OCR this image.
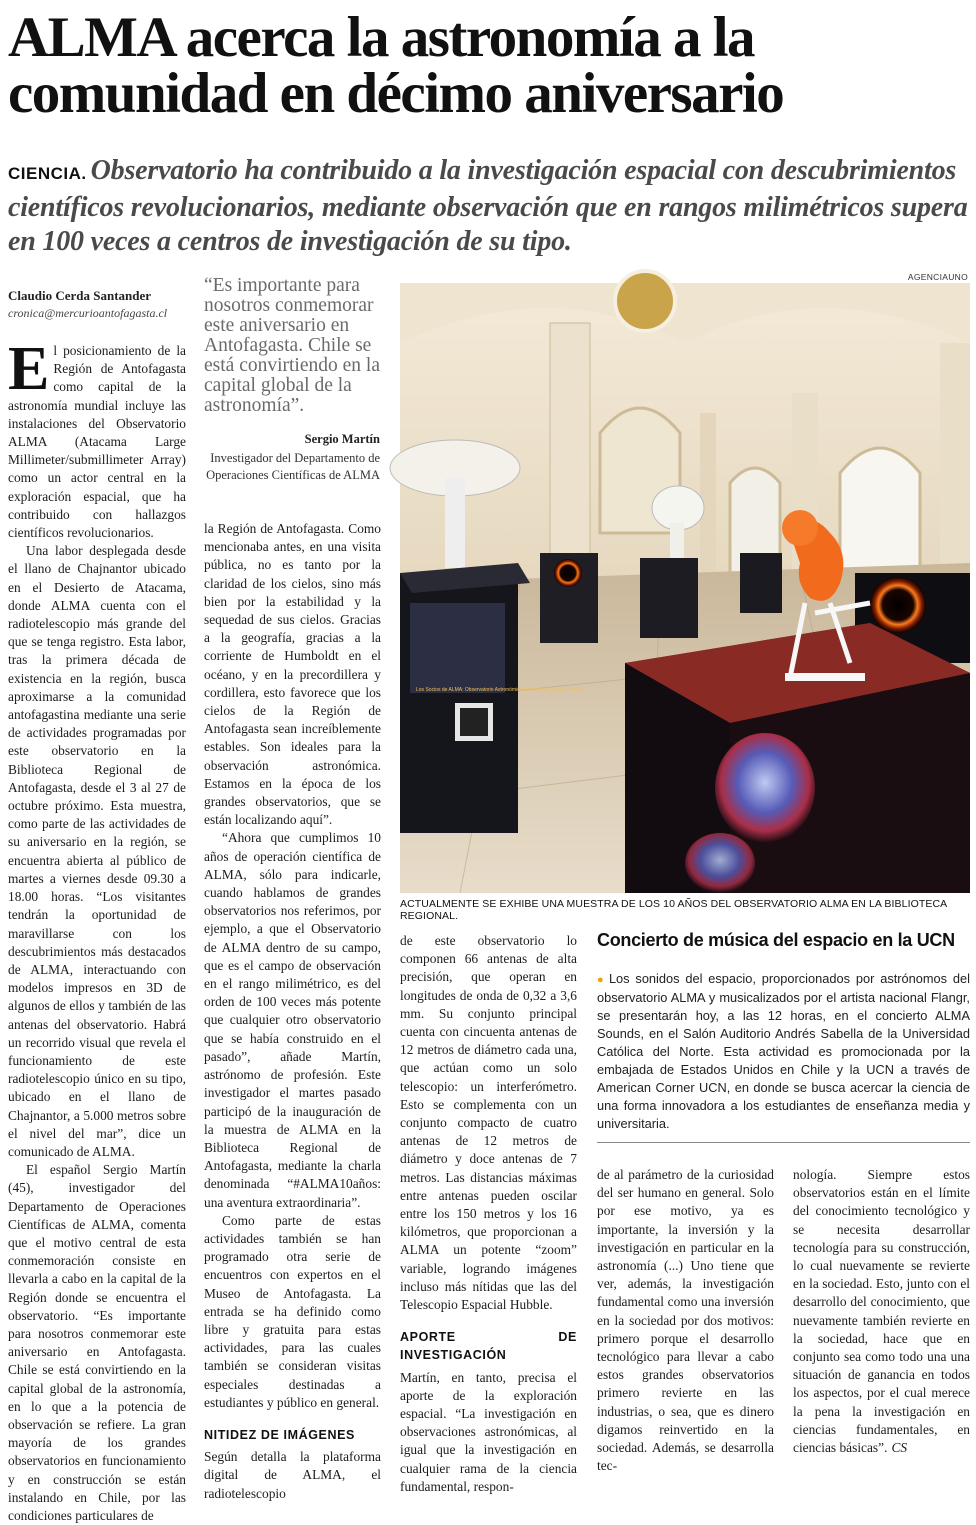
ALMA acerca la astronomía a la comunidad en décimo aniversario
CIENCIA. Observatorio ha contribuido a la investigación espacial con descubrimientos científicos revolucionarios, mediante observación que en rangos milimétricos supera en 100 veces a centros de investigación de su tipo.
Claudio Cerda Santander
cronica@mercurioantofagasta.cl

El posicionamiento de la Región de Antofagasta como capital de la astronomía mundial incluye las instalaciones del Observatorio ALMA (Atacama Large Millimeter/submillimeter Array) como un actor central en la exploración espacial, que ha contribuido con hallazgos científicos revolucionarios.

Una labor desplegada desde el llano de Chajnantor ubicado en el Desierto de Atacama, donde ALMA cuenta con el radiotelescopio más grande del que se tenga registro. Esta labor, tras la primera década de existencia en la región, busca aproximarse a la comunidad antofagastina mediante una serie de actividades programadas por este observatorio en la Biblioteca Regional de Antofagasta, desde el 3 al 27 de octubre próximo. Esta muestra, como parte de las actividades de su aniversario en la región, se encuentra abierta al público de martes a viernes desde 09.30 a 18.00 horas. “Los visitantes tendrán la oportunidad de maravillarse con los descubrimientos más destacados de ALMA, interactuando con modelos impresos en 3D de algunos de ellos y también de las antenas del observatorio. Habrá un recorrido visual que revela el funcionamiento de este radiotelescopio único en su tipo, ubicado en el llano de Chajnantor, a 5.000 metros sobre el nivel del mar”, dice un comunicado de ALMA.

El español Sergio Martín (45), investigador del Departamento de Operaciones Científicas de ALMA, comenta que el motivo central de esta conmemoración consiste en llevarla a cabo en la capital de la Región donde se encuentra el observatorio. “Es importante para nosotros conmemorar este aniversario en Antofagasta. Chile se está convirtiendo en la capital global de la astronomía, en lo que a la potencia de observación se refiere. La gran mayoría de los grandes observatorios en funcionamiento y en construcción se están instalando en Chile, por las condiciones particulares de

“Es importante para nosotros conmemorar este aniversario en Antofagasta. Chile se está convirtiendo en la capital global de la astronomía”.
Sergio Martín
Investigador del Departamento de Operaciones Científicas de ALMA

la Región de Antofagasta. Como mencionaba antes, en una visita pública, no es tanto por la claridad de los cielos, sino más bien por la estabilidad y la sequedad de sus cielos. Gracias a la geografía, gracias a la corriente de Humboldt en el océano, y en la precordillera y cordillera, esto favorece que los cielos de la Región de Antofagasta sean increíblemente estables. Son ideales para la observación astronómica. Estamos en la época de los grandes observatorios, que se están localizando aquí”.

“Ahora que cumplimos 10 años de operación científica de ALMA, sólo para indicarle, cuando hablamos de grandes observatorios nos referimos, por ejemplo, a que el Observatorio de ALMA dentro de su campo, que es el campo de observación en el rango milimétrico, es del orden de 100 veces más potente que cualquier otro observatorio que se había construido en el pasado”, añade Martín, astrónomo de profesión. Este investigador el martes pasado participó de la inauguración de la muestra de ALMA en la Biblioteca Regional de Antofagasta, mediante la charla denominada “#ALMA10años: una aventura extraordinaria”.

Como parte de estas actividades también se han programado otra serie de encuentros con expertos en el Museo de Antofagasta. La entrada se ha definido como libre y gratuita para estas actividades, para las cuales también se consideran visitas especiales destinadas a estudiantes y público en general.

NITIDEZ DE IMÁGENES

Según detalla la plataforma digital de ALMA, el radiotelescopio

AGENCIAUNO
Los Socios de ALMA: Observatorio Astronómico Nacional de Japón (NAOJ)
ACTUALMENTE SE EXHIBE UNA MUESTRA DE LOS 10 AÑOS DEL OBSERVATORIO ALMA EN LA BIBLIOTECA REGIONAL.
Concierto de música del espacio en la UCN
● Los sonidos del espacio, proporcionados por astrónomos del observatorio ALMA y musicalizados por el artista nacional Flangr, se presentarán hoy, a las 12 horas, en el concierto ALMA Sounds, en el Salón Auditorio Andrés Sabella de la Universidad Católica del Norte. Esta actividad es promocionada por la embajada de Estados Unidos en Chile y la UCN a través de American Corner UCN, en donde se busca acercar la ciencia de una forma innovadora a los estudiantes de enseñanza media y universitaria.

de este observatorio lo componen 66 antenas de alta precisión, que operan en longitudes de onda de 0,32 a 3,6 mm. Su conjunto principal cuenta con cincuenta antenas de 12 metros de diámetro cada una, que actúan como un solo telescopio: un interferómetro. Esto se complementa con un conjunto compacto de cuatro antenas de 12 metros de diámetro y doce antenas de 7 metros. Las distancias máximas entre antenas pueden oscilar entre los 150 metros y los 16 kilómetros, que proporcionan a ALMA un potente “zoom” variable, logrando imágenes incluso más nítidas que las del Telescopio Espacial Hubble.

APORTE DE INVESTIGACIÓN

Martín, en tanto, precisa el aporte de la exploración espacial. “La investigación en observaciones astronómicas, al igual que la investigación en cualquier rama de la ciencia fundamental, respon-

de al parámetro de la curiosidad del ser humano en general. Solo por ese motivo, ya es importante, la inversión y la investigación en particular en la astronomía (...) Uno tiene que ver, además, la investigación fundamental como una inversión en la sociedad por dos motivos: primero porque el desarrollo tecnológico para llevar a cabo estos grandes observatorios primero revierte en las industrias, o sea, que es dinero digamos reinvertido en la sociedad. Además, se desarrolla tec-

nología. Siempre estos observatorios están en el límite del conocimiento tecnológico y se necesita desarrollar tecnología para su construcción, lo cual nuevamente se revierte en la sociedad. Esto, junto con el desarrollo del conocimiento, que nuevamente también revierte en la sociedad, hace que en conjunto sea como todo una una situación de ganancia en todos los aspectos, por el cual merece la pena la investigación en ciencias fundamentales, en ciencias básicas”. CS
